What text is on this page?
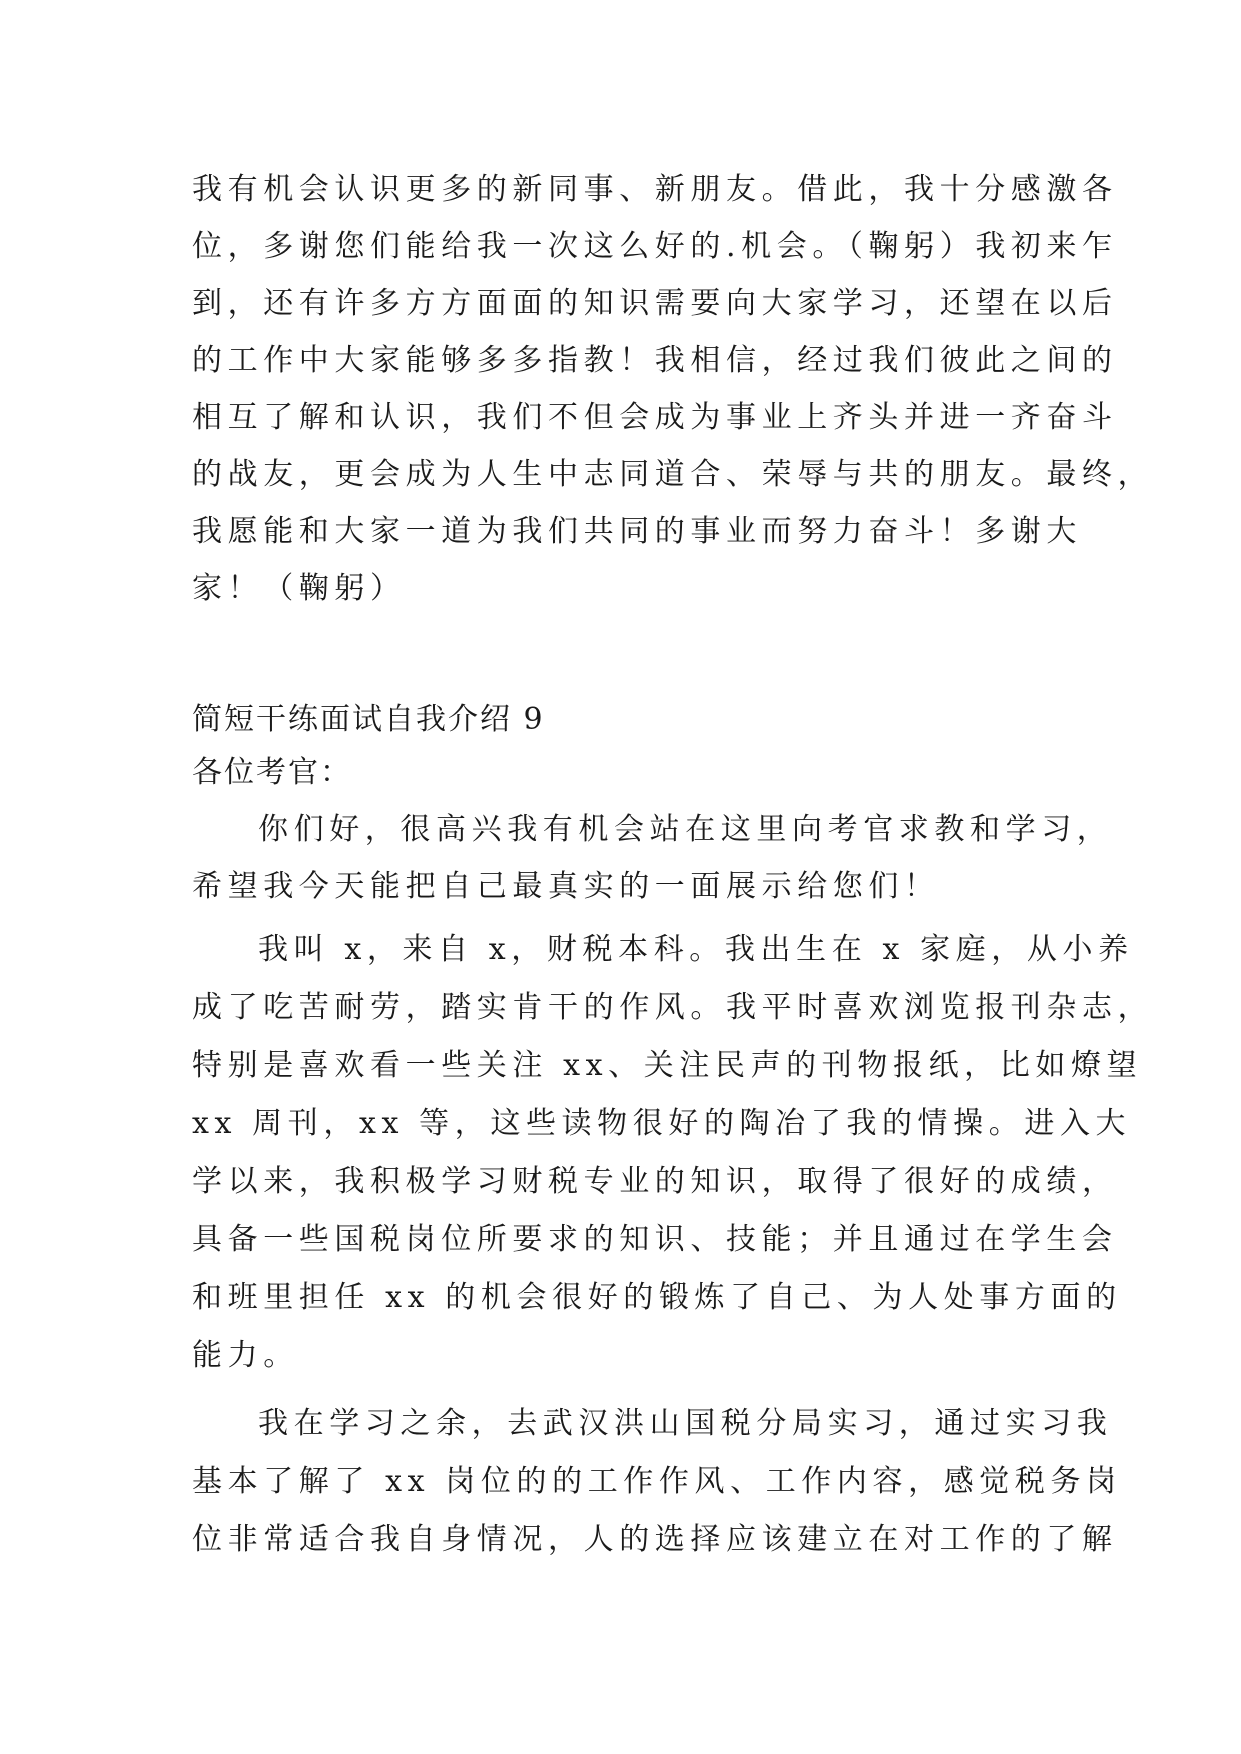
我有机会认识更多的新同事、新朋友。借此，我十分感激各
位，多谢您们能给我一次这么好的.机会。（鞠躬）我初来乍
到，还有许多方方面面的知识需要向大家学习，还望在以后
的工作中大家能够多多指教！我相信，经过我们彼此之间的
相互了解和认识，我们不但会成为事业上齐头并进一齐奋斗
的战友，更会成为人生中志同道合、荣辱与共的朋友。最终，
我愿能和大家一道为我们共同的事业而努力奋斗！多谢大
家！（鞠躬）
简短干练面试自我介绍 9
各位考官：
你们好，很高兴我有机会站在这里向考官求教和学习，
希望我今天能把自己最真实的一面展示给您们！
我叫 x，来自 x，财税本科。我出生在 x 家庭，从小养
成了吃苦耐劳，踏实肯干的作风。我平时喜欢浏览报刊杂志，
特别是喜欢看一些关注 xx、关注民声的刊物报纸，比如燎望
xx 周刊，xx 等，这些读物很好的陶冶了我的情操。进入大
学以来，我积极学习财税专业的知识，取得了很好的成绩，
具备一些国税岗位所要求的知识、技能；并且通过在学生会
和班里担任 xx 的机会很好的锻炼了自己、为人处事方面的
能力。
我在学习之余，去武汉洪山国税分局实习，通过实习我
基本了解了 xx 岗位的的工作作风、工作内容，感觉税务岗
位非常适合我自身情况，人的选择应该建立在对工作的了解
